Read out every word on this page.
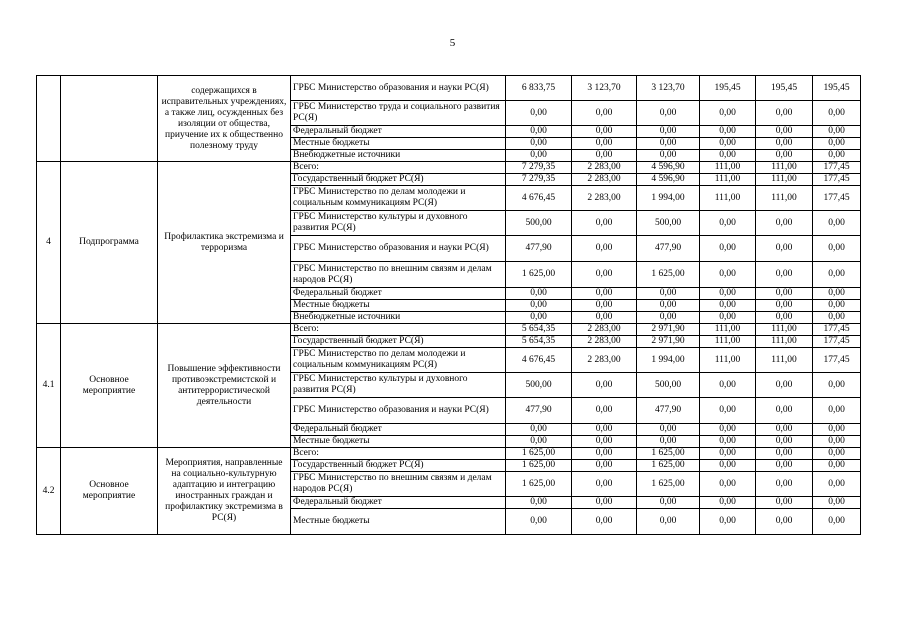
5
		содержащихся в исправительных учреждениях, а также лиц, осужденных без изоляции от общества, приучение их к общественно полезному труду	ГРБС Министерство образования и науки РС(Я)	6 833,75	3 123,70	3 123,70	195,45	195,45	195,45
			ГРБС Министерство труда и социального развития РС(Я)	0,00	0,00	0,00	0,00	0,00	0,00
			Федеральный бюджет	0,00	0,00	0,00	0,00	0,00	0,00
			Местные бюджеты	0,00	0,00	0,00	0,00	0,00	0,00
			Внебюджетные источники	0,00	0,00	0,00	0,00	0,00	0,00
4	Подпрограмма	Профилактика экстремизма и терроризма	Всего:	7 279,35	2 283,00	4 596,90	111,00	111,00	177,45
			Государственный бюджет РС(Я)	7 279,35	2 283,00	4 596,90	111,00	111,00	177,45
			ГРБС Министерство по делам молодежи и социальным коммуникациям РС(Я)	4 676,45	2 283,00	1 994,00	111,00	111,00	177,45
			ГРБС Министерство культуры и духовного развития РС(Я)	500,00	0,00	500,00	0,00	0,00	0,00
			ГРБС Министерство образования и науки РС(Я)	477,90	0,00	477,90	0,00	0,00	0,00
			ГРБС Министерство по внешним связям и делам народов РС(Я)	1 625,00	0,00	1 625,00	0,00	0,00	0,00
			Федеральный бюджет	0,00	0,00	0,00	0,00	0,00	0,00
			Местные бюджеты	0,00	0,00	0,00	0,00	0,00	0,00
			Внебюджетные источники	0,00	0,00	0,00	0,00	0,00	0,00
4.1	Основное мероприятие	Повышение эффективности противоэкстремистской и антитеррористической деятельности	Всего:	5 654,35	2 283,00	2 971,90	111,00	111,00	177,45
			Государственный бюджет РС(Я)	5 654,35	2 283,00	2 971,90	111,00	111,00	177,45
			ГРБС Министерство по делам молодежи и социальным коммуникациям РС(Я)	4 676,45	2 283,00	1 994,00	111,00	111,00	177,45
			ГРБС Министерство культуры и духовного развития РС(Я)	500,00	0,00	500,00	0,00	0,00	0,00
			ГРБС Министерство образования и науки РС(Я)	477,90	0,00	477,90	0,00	0,00	0,00
			Федеральный бюджет	0,00	0,00	0,00	0,00	0,00	0,00
			Местные бюджеты	0,00	0,00	0,00	0,00	0,00	0,00
4.2	Основное мероприятие	Мероприятия, направленные на социально-культурную адаптацию и интеграцию иностранных граждан и профилактику экстремизма в РС(Я)	Всего:	1 625,00	0,00	1 625,00	0,00	0,00	0,00
			Государственный бюджет РС(Я)	1 625,00	0,00	1 625,00	0,00	0,00	0,00
			ГРБС Министерство по внешним связям и делам народов РС(Я)	1 625,00	0,00	1 625,00	0,00	0,00	0,00
			Федеральный бюджет	0,00	0,00	0,00	0,00	0,00	0,00
			Местные бюджеты	0,00	0,00	0,00	0,00	0,00	0,00
